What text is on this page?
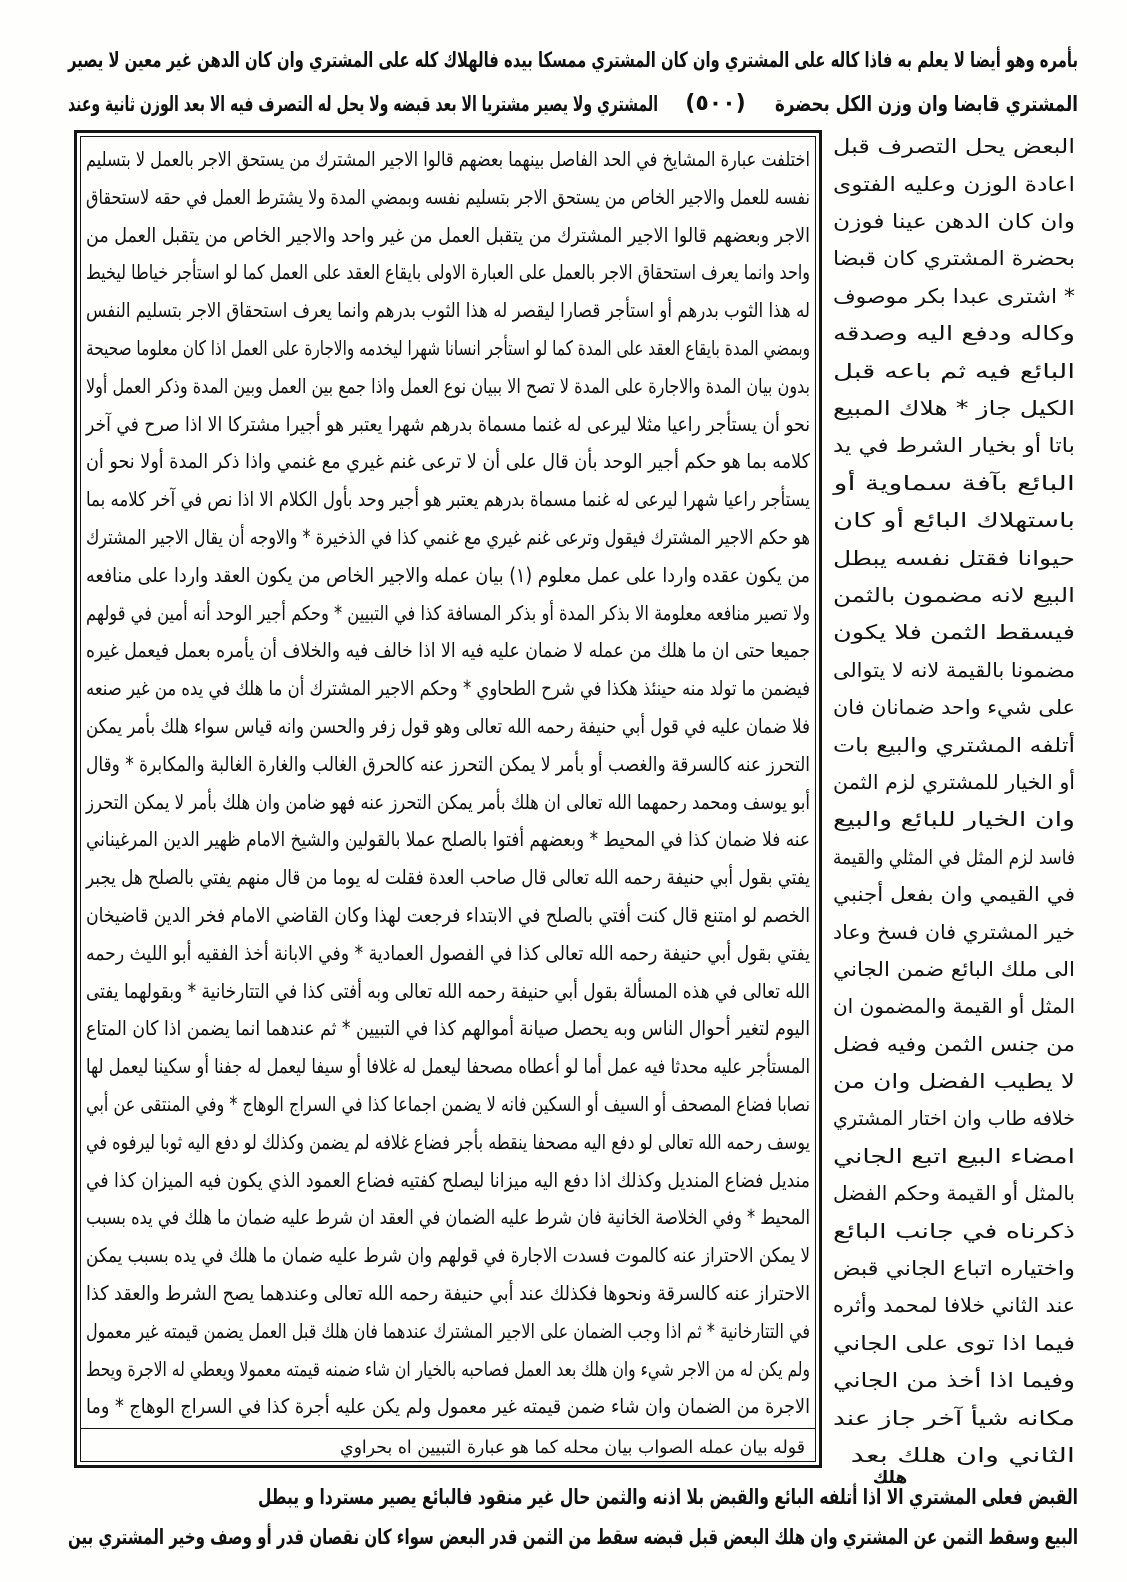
بأمره وهو أيضا لا يعلم به فاذا كاله على المشتري وان كان المشتري ممسكا بيده فالهلاك كله على المشتري وان كان الدهن غير معين لا يصير
المشتري قابضا وان وزن الكل بحضرة
(٥٠٠)
المشتري ولا يصير مشتريا الا بعد قبضه ولا يحل له التصرف فيه الا بعد الوزن ثانية وعند
اختلفت عبارة المشايخ في الحد الفاصل بينهما بعضهم قالوا الاجير المشترك من يستحق الاجر بالعمل لا بتسليم
نفسه للعمل والاجير الخاص من يستحق الاجر بتسليم نفسه وبمضي المدة ولا يشترط العمل في حقه لاستحقاق
الاجر وبعضهم قالوا الاجير المشترك من يتقبل العمل من غير واحد والاجير الخاص من يتقبل العمل من
واحد وانما يعرف استحقاق الاجر بالعمل على العبارة الاولى بايقاع العقد على العمل كما لو استأجر خياطا ليخيط
له هذا الثوب بدرهم أو استأجر قصارا ليقصر له هذا الثوب بدرهم وانما يعرف استحقاق الاجر بتسليم النفس
وبمضي المدة بايقاع العقد على المدة كما لو استأجر انسانا شهرا ليخدمه والاجارة على العمل اذا كان معلوما صحيحة
بدون بيان المدة والاجارة على المدة لا تصح الا ببيان نوع العمل واذا جمع بين العمل وبين المدة وذكر العمل أولا
نحو أن يستأجر راعيا مثلا ليرعى له غنما مسماة بدرهم شهرا يعتبر هو أجيرا مشتركا الا اذا صرح في آخر
كلامه بما هو حكم أجير الوحد بأن قال على أن لا ترعى غنم غيري مع غنمي واذا ذكر المدة أولا نحو أن
يستأجر راعيا شهرا ليرعى له غنما مسماة بدرهم يعتبر هو أجير وحد بأول الكلام الا اذا نص في آخر كلامه بما
هو حكم الاجير المشترك فيقول وترعى غنم غيري مع غنمي كذا في الذخيرة * والاوجه أن يقال الاجير المشترك
من يكون عقده واردا على عمل معلوم (١) بيان عمله والاجير الخاص من يكون العقد واردا على منافعه
ولا تصير منافعه معلومة الا بذكر المدة أو بذكر المسافة كذا في التبيين * وحكم أجير الوحد أنه أمين في قولهم
جميعا حتى ان ما هلك من عمله لا ضمان عليه فيه الا اذا خالف فيه والخلاف أن يأمره بعمل فيعمل غيره
فيضمن ما تولد منه حينئذ هكذا في شرح الطحاوي * وحكم الاجير المشترك أن ما هلك في يده من غير صنعه
فلا ضمان عليه في قول أبي حنيفة رحمه الله تعالى وهو قول زفر والحسن وانه قياس سواء هلك بأمر يمكن
التحرز عنه كالسرقة والغصب أو بأمر لا يمكن التحرز عنه كالحرق الغالب والغارة الغالبة والمكابرة * وقال
أبو يوسف ومحمد رحمهما الله تعالى ان هلك بأمر يمكن التحرز عنه فهو ضامن وان هلك بأمر لا يمكن التحرز
عنه فلا ضمان كذا في المحيط * وبعضهم أفتوا بالصلح عملا بالقولين والشيخ الامام ظهير الدين المرغيناني
يفتي بقول أبي حنيفة رحمه الله تعالى قال صاحب العدة فقلت له يوما من قال منهم يفتي بالصلح هل يجبر
الخصم لو امتنع قال كنت أفتي بالصلح في الابتداء فرجعت لهذا وكان القاضي الامام فخر الدين قاضيخان
يفتي بقول أبي حنيفة رحمه الله تعالى كذا في الفصول العمادية * وفي الابانة أخذ الفقيه أبو الليث رحمه
الله تعالى في هذه المسألة بقول أبي حنيفة رحمه الله تعالى وبه أفتى كذا في التتارخانية * وبقولهما يفتى
اليوم لتغير أحوال الناس وبه يحصل صيانة أموالهم كذا في التبيين * ثم عندهما انما يضمن اذا كان المتاع
المستأجر عليه محدثا فيه عمل أما لو أعطاه مصحفا ليعمل له غلافا أو سيفا ليعمل له جفنا أو سكينا ليعمل لها
نصابا فضاع المصحف أو السيف أو السكين فانه لا يضمن اجماعا كذا في السراج الوهاج * وفي المنتقى عن أبي
يوسف رحمه الله تعالى لو دفع اليه مصحفا ينقطه بأجر فضاع غلافه لم يضمن وكذلك لو دفع اليه ثوبا ليرفوه في
منديل فضاع المنديل وكذلك اذا دفع اليه ميزانا ليصلح كفتيه فضاع العمود الذي يكون فيه الميزان كذا في
المحيط * وفي الخلاصة الخانية فان شرط عليه الضمان في العقد ان شرط عليه ضمان ما هلك في يده بسبب
لا يمكن الاحتراز عنه كالموت فسدت الاجارة في قولهم وان شرط عليه ضمان ما هلك في يده بسبب يمكن
الاحتراز عنه كالسرقة ونحوها فكذلك عند أبي حنيفة رحمه الله تعالى وعندهما يصح الشرط والعقد كذا
في التتارخانية * ثم اذا وجب الضمان على الاجير المشترك عندهما فان هلك قبل العمل يضمن قيمته غير معمول
ولم يكن له من الاجر شيء وان هلك بعد العمل فصاحبه بالخيار ان شاء ضمنه قيمته معمولا ويعطي له الاجرة ويحط
الاجرة من الضمان وان شاء ضمن قيمته غير معمول ولم يكن عليه أجرة كذا في السراج الوهاج * وما
قوله بيان عمله الصواب بيان محله كما هو عبارة التبيين اه بحراوي
البعض يحل التصرف قبل
اعادة الوزن وعليه الفتوى
وان كان الدهن عينا فوزن
بحضرة المشتري كان قبضا
* اشترى عبدا بكر موصوف
وكاله ودفع اليه وصدقه
البائع فيه ثم باعه قبل
الكيل جاز * هلاك المبيع
باتا أو بخيار الشرط في يد
البائع بآفة سماوية أو
باستهلاك البائع أو كان
حيوانا فقتل نفسه يبطل
البيع لانه مضمون بالثمن
فيسقط الثمن فلا يكون
مضمونا بالقيمة لانه لا يتوالى
على شيء واحد ضمانان فان
أتلفه المشتري والبيع بات
أو الخيار للمشتري لزم الثمن
وان الخيار للبائع والبيع
فاسد لزم المثل في المثلي والقيمة
في القيمي وان بفعل أجنبي
خير المشتري فان فسخ وعاد
الى ملك البائع ضمن الجاني
المثل أو القيمة والمضمون ان
من جنس الثمن وفيه فضل
لا يطيب الفضل وان من
خلافه طاب وان اختار المشتري
امضاء البيع اتبع الجاني
بالمثل أو القيمة وحكم الفضل
ذكرناه في جانب البائع
واختياره اتباع الجاني قبض
عند الثاني خلافا لمحمد وأثره
فيما اذا توى على الجاني
وفيما اذا أخذ من الجاني
مكانه شيأ آخر جاز عند
الثاني وان هلك بعد
هلك
القبض فعلى المشتري الا اذا أتلفه البائع والقبض بلا اذنه والثمن حال غير منقود فالبائع يصير مستردا و يبطل
البيع وسقط الثمن عن المشتري وان هلك البعض قبل قبضه سقط من الثمن قدر البعض سواء كان نقصان قدر أو وصف وخير المشتري بين
